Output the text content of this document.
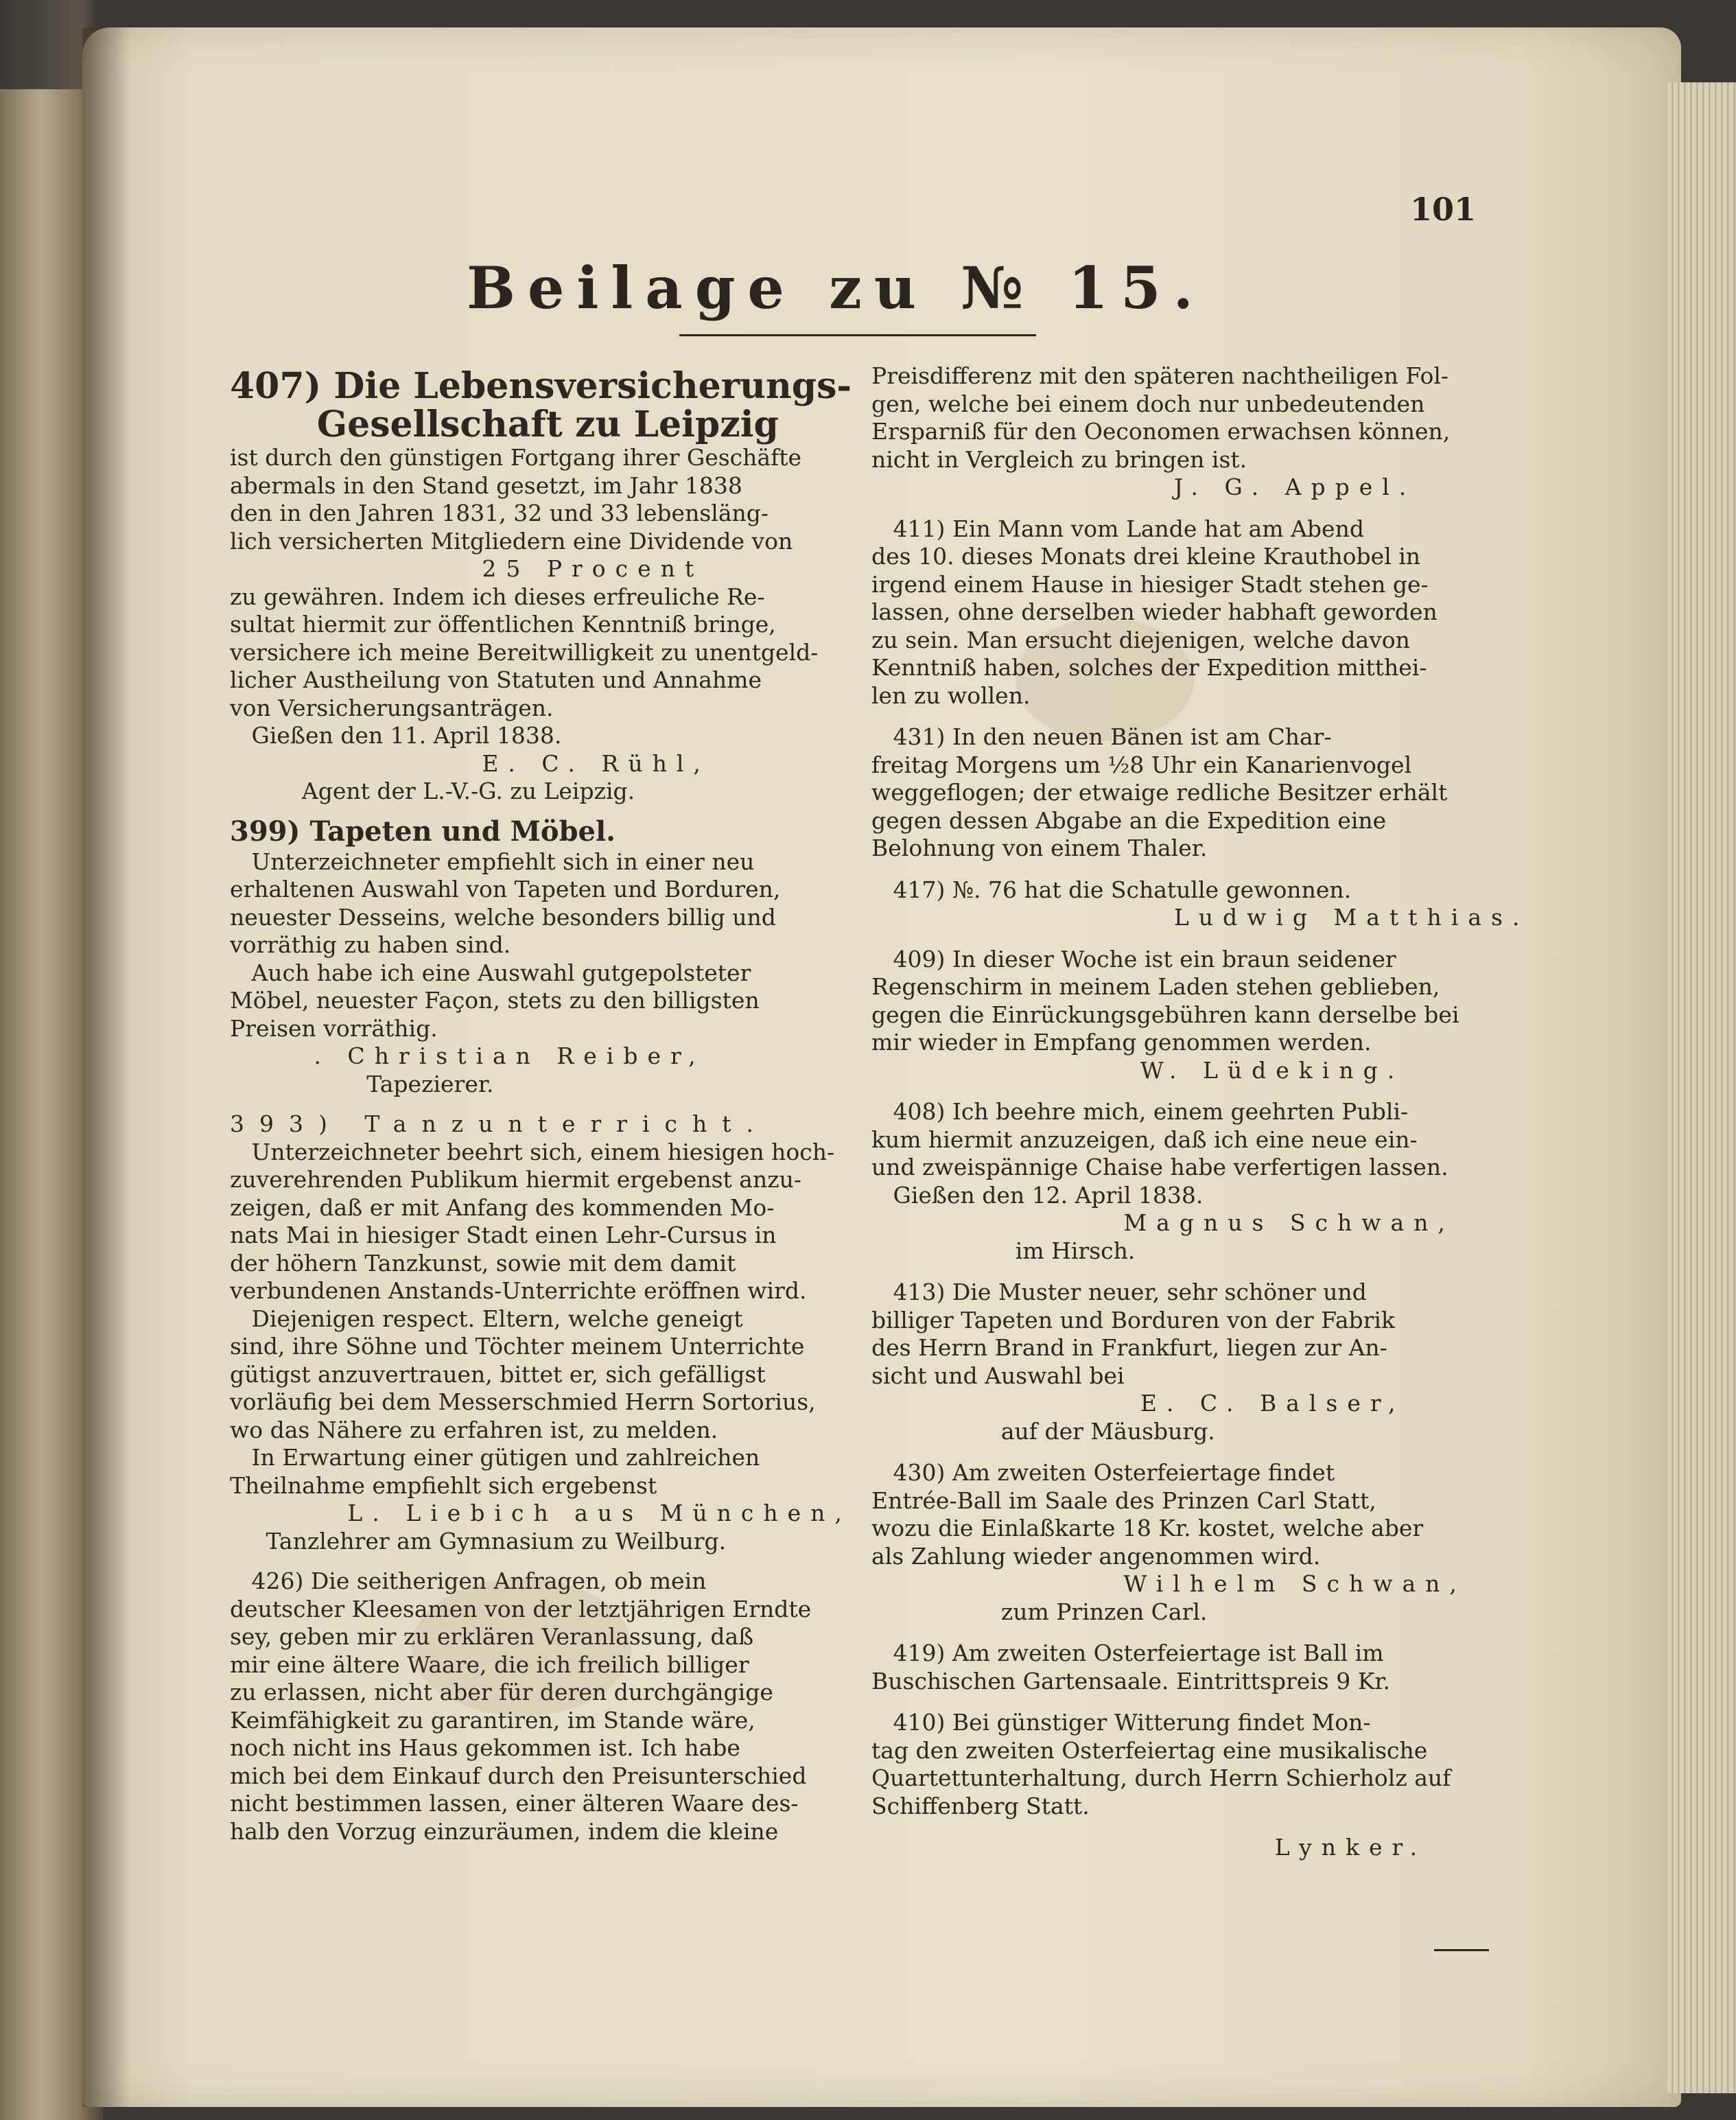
101
Beilage zu № 15.
407) Die Lebensversicherungs-
Gesellschaft zu Leipzig
ist durch den günstigen Fortgang ihrer Geschäfte
abermals in den Stand gesetzt, im Jahr 1838
den in den Jahren 1831, 32 und 33 lebensläng-
lich versicherten Mitgliedern eine Dividende von
25 Procent
zu gewähren. Indem ich dieses erfreuliche Re-
sultat hiermit zur öffentlichen Kenntniß bringe,
versichere ich meine Bereitwilligkeit zu unentgeld-
licher Austheilung von Statuten und Annahme
von Versicherungsanträgen.
Gießen den 11. April 1838.
E. C. Rühl,
Agent der L.-V.-G. zu Leipzig.
399) Tapeten und Möbel.
Unterzeichneter empfiehlt sich in einer neu
erhaltenen Auswahl von Tapeten und Borduren,
neuester Desseins, welche besonders billig und
vorräthig zu haben sind.
Auch habe ich eine Auswahl gutgepolsteter
Möbel, neuester Façon, stets zu den billigsten
Preisen vorräthig.
. Christian Reiber,
Tapezierer.
393) Tanzunterricht.
Unterzeichneter beehrt sich, einem hiesigen hoch-
zuverehrenden Publikum hiermit ergebenst anzu-
zeigen, daß er mit Anfang des kommenden Mo-
nats Mai in hiesiger Stadt einen Lehr-Cursus in
der höhern Tanzkunst, sowie mit dem damit
verbundenen Anstands-Unterrichte eröffnen wird.
Diejenigen respect. Eltern, welche geneigt
sind, ihre Söhne und Töchter meinem Unterrichte
gütigst anzuvertrauen, bittet er, sich gefälligst
vorläufig bei dem Messerschmied Herrn Sortorius,
wo das Nähere zu erfahren ist, zu melden.
In Erwartung einer gütigen und zahlreichen
Theilnahme empfiehlt sich ergebenst
L. Liebich aus München,
Tanzlehrer am Gymnasium zu Weilburg.
426) Die seitherigen Anfragen, ob mein
deutscher Kleesamen von der letztjährigen Erndte
sey, geben mir zu erklären Veranlassung, daß
mir eine ältere Waare, die ich freilich billiger
zu erlassen, nicht aber für deren durchgängige
Keimfähigkeit zu garantiren, im Stande wäre,
noch nicht ins Haus gekommen ist. Ich habe
mich bei dem Einkauf durch den Preisunterschied
nicht bestimmen lassen, einer älteren Waare des-
halb den Vorzug einzuräumen, indem die kleine
Preisdifferenz mit den späteren nachtheiligen Fol-
gen, welche bei einem doch nur unbedeutenden
Ersparniß für den Oeconomen erwachsen können,
nicht in Vergleich zu bringen ist.
J. G. Appel.
411) Ein Mann vom Lande hat am Abend
des 10. dieses Monats drei kleine Krauthobel in
irgend einem Hause in hiesiger Stadt stehen ge-
lassen, ohne derselben wieder habhaft geworden
zu sein. Man ersucht diejenigen, welche davon
Kenntniß haben, solches der Expedition mitthei-
len zu wollen.
431) In den neuen Bänen ist am Char-
freitag Morgens um ½8 Uhr ein Kanarienvogel
weggeflogen; der etwaige redliche Besitzer erhält
gegen dessen Abgabe an die Expedition eine
Belohnung von einem Thaler.
417) №. 76 hat die Schatulle gewonnen.
Ludwig Matthias.
409) In dieser Woche ist ein braun seidener
Regenschirm in meinem Laden stehen geblieben,
gegen die Einrückungsgebühren kann derselbe bei
mir wieder in Empfang genommen werden.
W. Lüdeking.
408) Ich beehre mich, einem geehrten Publi-
kum hiermit anzuzeigen, daß ich eine neue ein-
und zweispännige Chaise habe verfertigen lassen.
Gießen den 12. April 1838.
Magnus Schwan,
im Hirsch.
413) Die Muster neuer, sehr schöner und
billiger Tapeten und Borduren von der Fabrik
des Herrn Brand in Frankfurt, liegen zur An-
sicht und Auswahl bei
E. C. Balser,
auf der Mäusburg.
430) Am zweiten Osterfeiertage findet
Entrée-Ball im Saale des Prinzen Carl Statt,
wozu die Einlaßkarte 18 Kr. kostet, welche aber
als Zahlung wieder angenommen wird.
Wilhelm Schwan,
zum Prinzen Carl.
419) Am zweiten Osterfeiertage ist Ball im
Buschischen Gartensaale. Eintrittspreis 9 Kr.
410) Bei günstiger Witterung findet Mon-
tag den zweiten Osterfeiertag eine musikalische
Quartettunterhaltung, durch Herrn Schierholz auf
Schiffenberg Statt.
Lynker.
